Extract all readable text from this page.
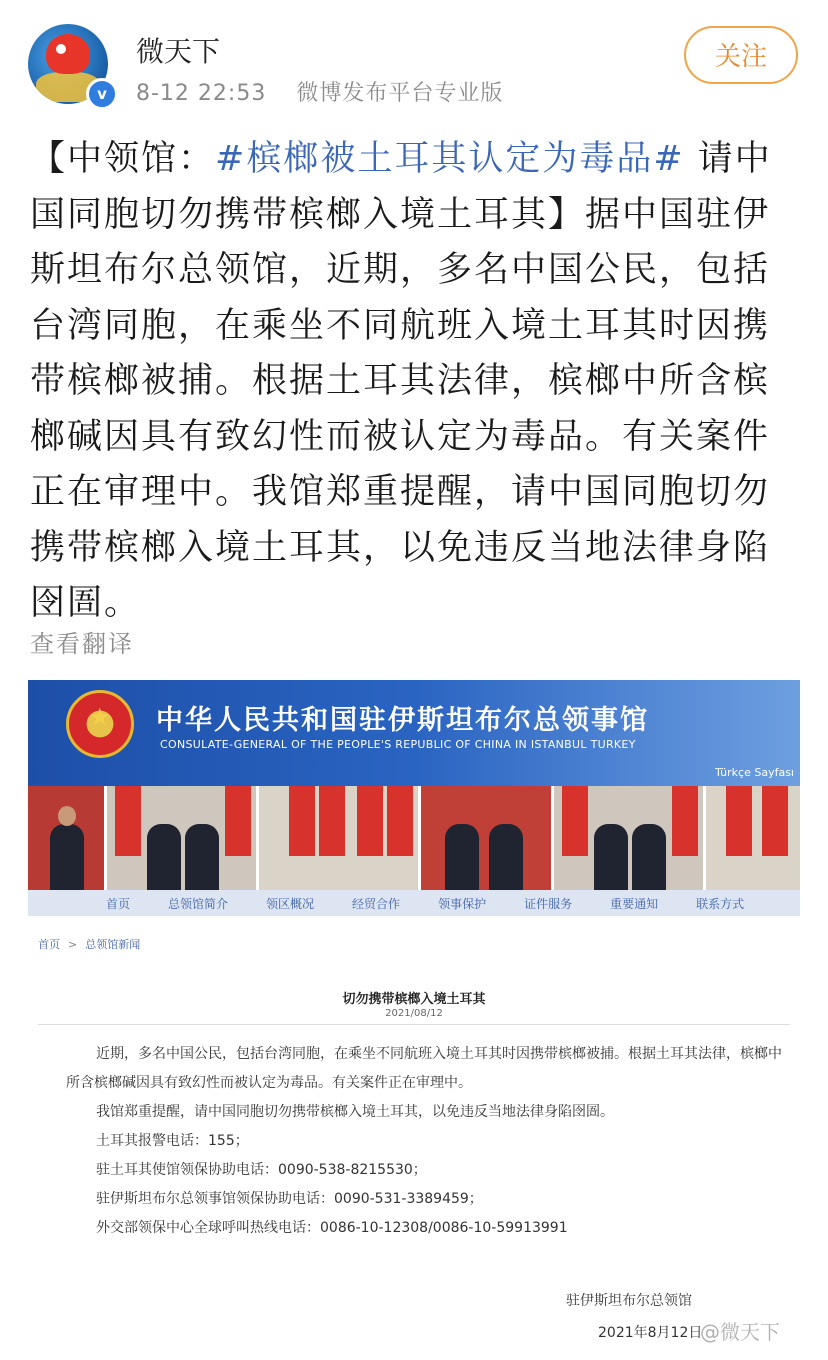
v
微天下
8-12 22:53 微博发布平台专业版
关注
【中领馆：#槟榔被土耳其认定为毒品# 请中国同胞切勿携带槟榔入境土耳其】据中国驻伊斯坦布尔总领馆，近期，多名中国公民，包括台湾同胞，在乘坐不同航班入境土耳其时因携带槟榔被捕。根据土耳其法律，槟榔中所含槟榔碱因具有致幻性而被认定为毒品。有关案件正在审理中。我馆郑重提醒，请中国同胞切勿携带槟榔入境土耳其，以免违反当地法律身陷囹圄。
查看翻译
★
中华人民共和国驻伊斯坦布尔总领事馆
CONSULATE-GENERAL OF THE PEOPLE'S REPUBLIC OF CHINA IN ISTANBUL TURKEY
Türkçe Sayfası
首页	总领馆简介	领区概况	经贸合作	领事保护	证件服务	重要通知	联系方式
首页 > 总领馆新闻
切勿携带槟榔入境土耳其
2021/08/12

近期，多名中国公民，包括台湾同胞，在乘坐不同航班入境土耳其时因携带槟榔被捕。根据土耳其法律，槟榔中所含槟榔碱因具有致幻性而被认定为毒品。有关案件正在审理中。

我馆郑重提醒，请中国同胞切勿携带槟榔入境土耳其，以免违反当地法律身陷囹圄。

土耳其报警电话：155；

驻土耳其使馆领保协助电话：0090-538-8215530；

驻伊斯坦布尔总领事馆领保协助电话：0090-531-3389459；

外交部领保中心全球呼叫热线电话：0086-10-12308/0086-10-59913991

驻伊斯坦布尔总领馆
2021年8月12日
@微天下
